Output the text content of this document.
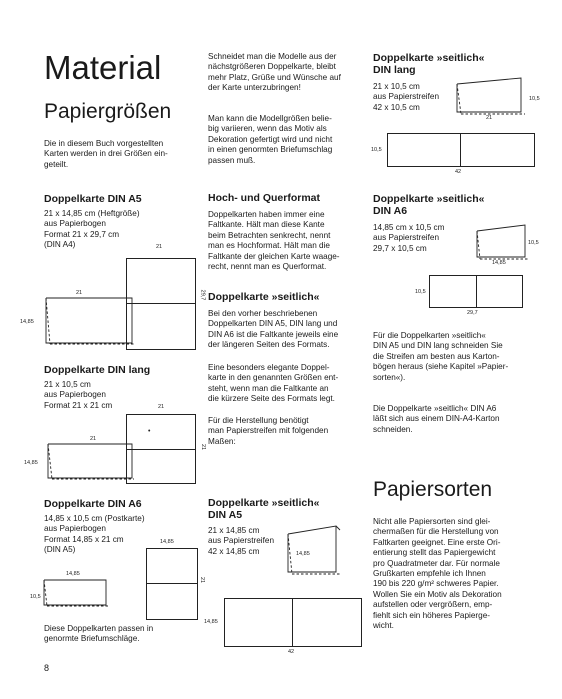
Material
Papiergrößen

Die in diesem Buch vorgestellten
Karten werden in drei Größen ein-
geteilt.

Doppelkarte DIN A5

21 x 14,85 cm (Heftgröße)
aus Papierbogen
Format 21 x 29,7 cm
(DIN A4)

21
14,85
21
29,7
Doppelkarte DIN lang

21 x 10,5 cm
aus Papierbogen
Format 21 x 21 cm

21
14,85
21
•
21
Doppelkarte DIN A6

14,85 x 10,5 cm (Postkarte)
aus Papierbogen
Format 14,85 x 21 cm
(DIN A5)

14,85
10,5
14,85
21

Diese Doppelkarten passen in
genormte Briefumschläge.

8

Schneidet man die Modelle aus der
nächstgrößeren Doppelkarte, bleibt
mehr Platz, Grüße und Wünsche auf
der Karte unterzubringen!

Man kann die Modellgrößen belie-
big variieren, wenn das Motiv als
Dekoration gefertigt wird und nicht
in einen genormten Briefumschlag
passen muß.

Hoch- und Querformat

Doppelkarten haben immer eine
Faltkante. Hält man diese Kante
beim Betrachten senkrecht, nennt
man es Hochformat. Hält man die
Faltkante der gleichen Karte waage-
recht, nennt man es Querformat.

Doppelkarte »seitlich«

Bei den vorher beschriebenen
Doppelkarten DIN A5, DIN lang und
DIN A6 ist die Faltkante jeweils eine
der längeren Seiten des Formats.

Eine besonders elegante Doppel-
karte in den genannten Größen ent-
steht, wenn man die Faltkante an
die kürzere Seite des Formats legt.

Für die Herstellung benötigt
man Papierstreifen mit folgenden
Maßen:

Doppelkarte »seitlich«
DIN A5

21 x 14,85 cm
aus Papierstreifen
42 x 14,85 cm	14,85
14,85
42
Doppelkarte »seitlich«
DIN lang

21 x 10,5 cm
aus Papierstreifen
42 x 10,5 cm

10,5
21
10,5
42
Doppelkarte »seitlich«
DIN A6

14,85 cm x 10,5 cm
aus Papierstreifen
29,7 x 10,5 cm

10,5
14,85
10,5
29,7

Für die Doppelkarten »seitlich«
DIN A5 und DIN lang schneiden Sie
die Streifen am besten aus Karton-
bögen heraus (siehe Kapitel »Papier-
sorten«).

Die Doppelkarte »seitlich« DIN A6
läßt sich aus einem DIN-A4-Karton
schneiden.

Papiersorten

Nicht alle Papiersorten sind glei-
chermaßen für die Herstellung von
Faltkarten geeignet. Eine erste Ori-
entierung stellt das Papiergewicht
pro Quadratmeter dar. Für normale
Grußkarten empfehle ich Ihnen
190 bis 220 g/m² schweres Papier.
Wollen Sie ein Motiv als Dekoration
aufstellen oder vergrößern, emp-
fiehlt sich ein höheres Papierge-
wicht.
